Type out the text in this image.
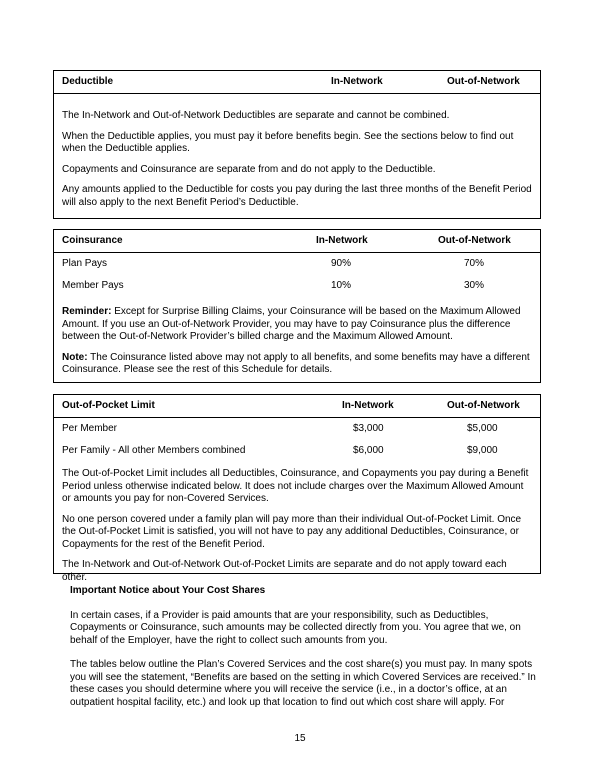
Deductible	In-Network	Out-of-Network

The In-Network and Out-of-Network Deductibles are separate and cannot be combined.

When the Deductible applies, you must pay it before benefits begin. See the sections below to find out when the Deductible applies.

Copayments and Coinsurance are separate from and do not apply to the Deductible.

Any amounts applied to the Deductible for costs you pay during the last three months of the Benefit Period will also apply to the next Benefit Period’s Deductible.

Coinsurance	In-Network	Out-of-Network
Plan Pays	90%	70%
Member Pays	10%	30%

Reminder: Except for Surprise Billing Claims, your Coinsurance will be based on the Maximum Allowed Amount. If you use an Out-of-Network Provider, you may have to pay Coinsurance plus the difference between the Out-of-Network Provider’s billed charge and the Maximum Allowed Amount.

Note: The Coinsurance listed above may not apply to all benefits, and some benefits may have a different Coinsurance. Please see the rest of this Schedule for details.

Out-of-Pocket Limit	In-Network	Out-of-Network
Per Member	$3,000	$5,000
Per Family - All other Members combined	$6,000	$9,000

The Out-of-Pocket Limit includes all Deductibles, Coinsurance, and Copayments you pay during a Benefit Period unless otherwise indicated below. It does not include charges over the Maximum Allowed Amount or amounts you pay for non-Covered Services.

No one person covered under a family plan will pay more than their individual Out-of-Pocket Limit. Once the Out-of-Pocket Limit is satisfied, you will not have to pay any additional Deductibles, Coinsurance, or Copayments for the rest of the Benefit Period.

The In-Network and Out-of-Network Out-of-Pocket Limits are separate and do not apply toward each other.

Important Notice about Your Cost Shares

In certain cases, if a Provider is paid amounts that are your responsibility, such as Deductibles, Copayments or Coinsurance, such amounts may be collected directly from you. You agree that we, on behalf of the Employer, have the right to collect such amounts from you.

The tables below outline the Plan’s Covered Services and the cost share(s) you must pay. In many spots you will see the statement, “Benefits are based on the setting in which Covered Services are received.” In these cases you should determine where you will receive the service (i.e., in a doctor’s office, at an outpatient hospital facility, etc.) and look up that location to find out which cost share will apply. For

15
